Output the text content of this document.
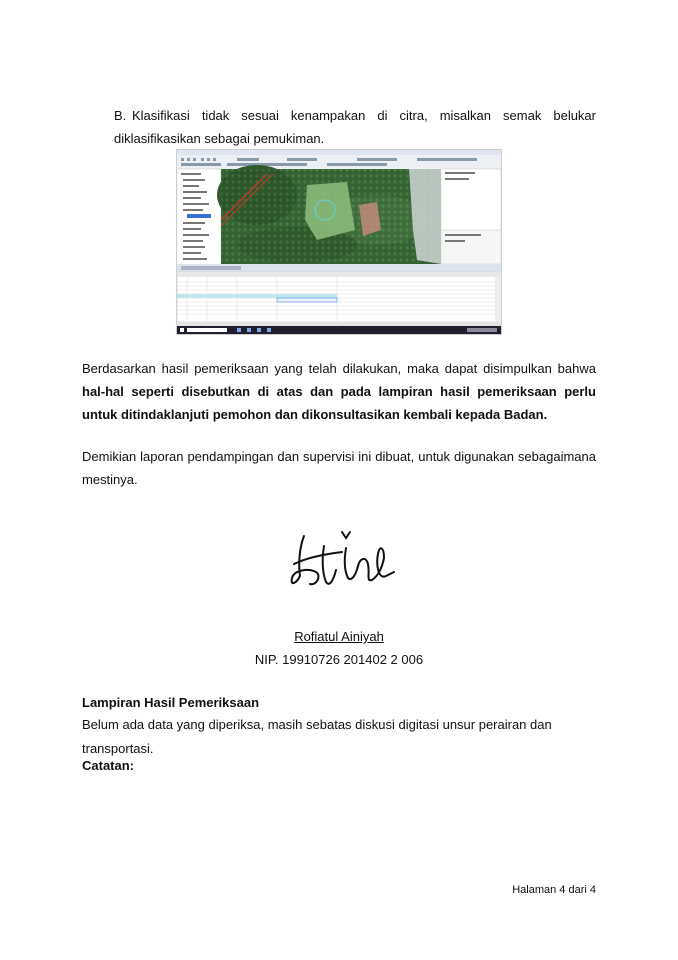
B. Klasifikasi tidak sesuai kenampakan di citra, misalkan semak belukar diklasifikasikan sebagai pemukiman.
Berdasarkan hasil pemeriksaan yang telah dilakukan, maka dapat disimpulkan bahwa hal-hal seperti disebutkan di atas dan pada lampiran hasil pemeriksaan perlu untuk ditindaklanjuti pemohon dan dikonsultasikan kembali kepada Badan.
Demikian laporan pendampingan dan supervisi ini dibuat, untuk digunakan sebagaimana mestinya.
Rofiatul Ainiyah
NIP. 19910726 201402 2 006
Lampiran Hasil Pemeriksaan
Belum ada data yang diperiksa, masih sebatas diskusi digitasi unsur perairan dan transportasi.
Catatan:
Halaman 4 dari 4
